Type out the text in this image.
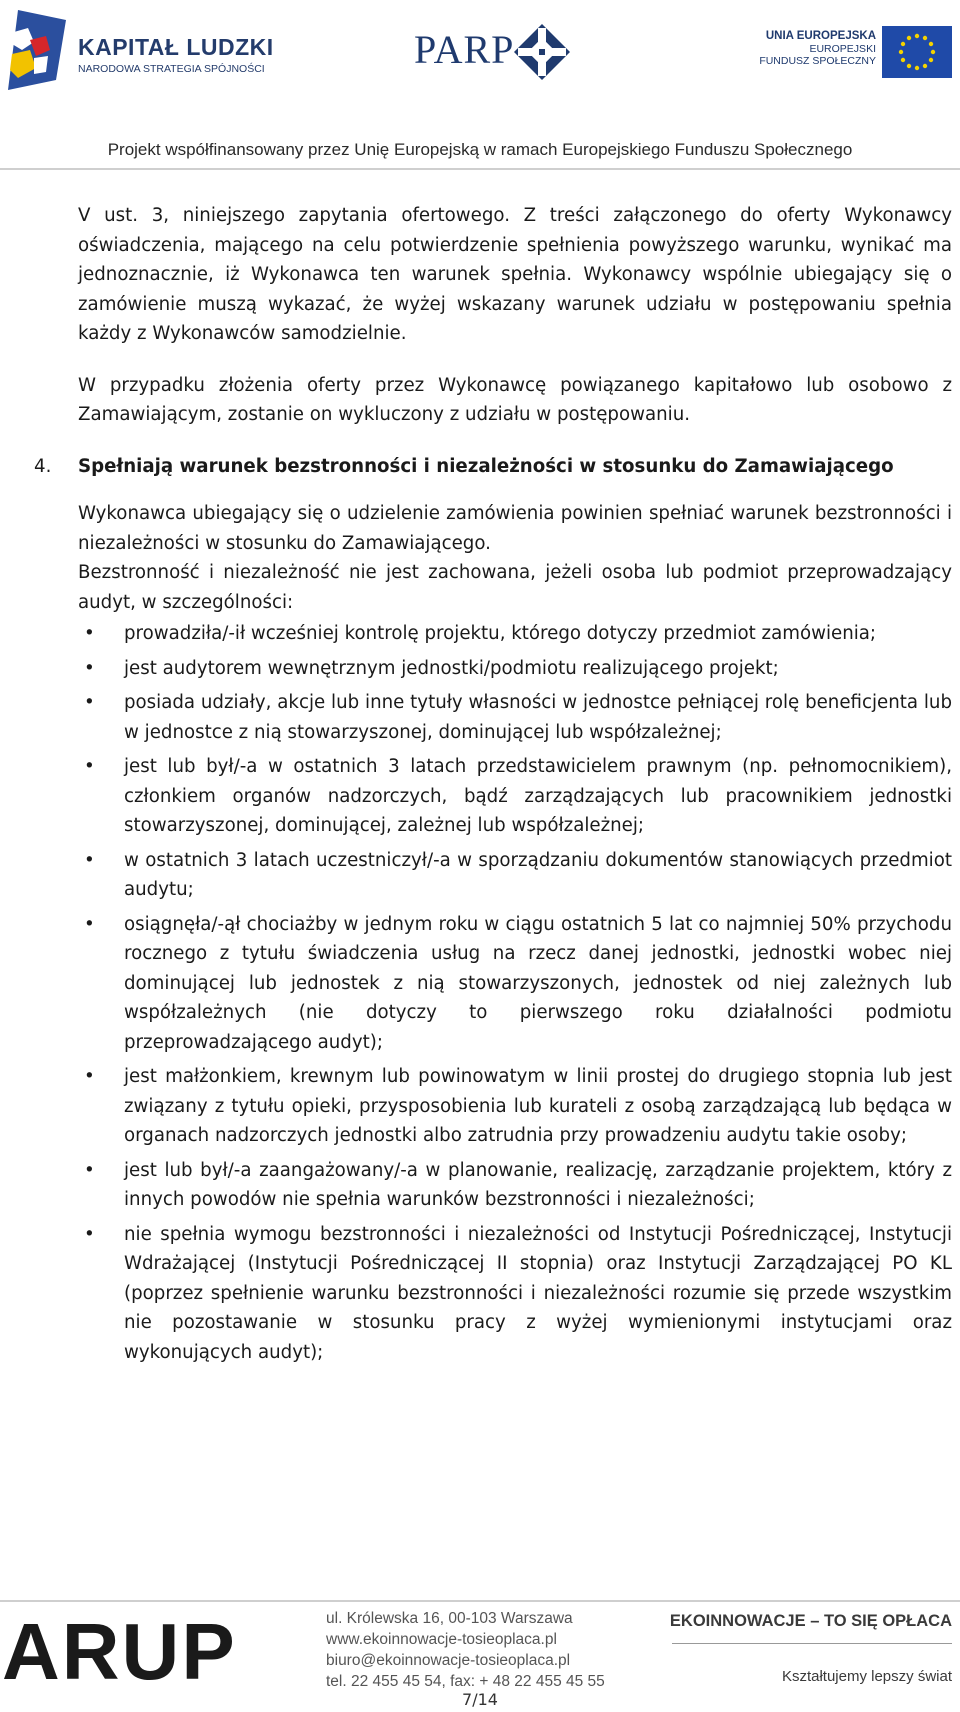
KAPITAŁ LUDZKI
NARODOWA STRATEGIA SPÓJNOŚCI	PARP	UNIA EUROPEJSKA
EUROPEJSKI
FUNDUSZ SPOŁECZNY
Projekt współfinansowany przez Unię Europejską w ramach Europejskiego Funduszu Społecznego

V ust. 3, niniejszego zapytania ofertowego. Z treści załączonego do oferty Wykonawcy oświadczenia, mającego na celu potwierdzenie spełnienia powyższego warunku, wynikać ma jednoznacznie, iż Wykonawca ten warunek spełnia. Wykonawcy wspólnie ubiegający się o zamówienie muszą wykazać, że wyżej wskazany warunek udziału w postępowaniu spełnia każdy z Wykonawców samodzielnie.

W przypadku złożenia oferty przez Wykonawcę powiązanego kapitałowo lub osobowo z Zamawiającym, zostanie on wykluczony z udziału w postępowaniu.

4. Spełniają warunek bezstronności i niezależności w stosunku do Zamawiającego

Wykonawca ubiegający się o udzielenie zamówienia powinien spełniać warunek bezstronności i niezależności w stosunku do Zamawiającego.

Bezstronność i niezależność nie jest zachowana, jeżeli osoba lub podmiot przeprowadzający audyt, w szczególności:

• prowadziła/-ił wcześniej kontrolę projektu, którego dotyczy przedmiot zamówienia;
• jest audytorem wewnętrznym jednostki/podmiotu realizującego projekt;
• posiada udziały, akcje lub inne tytuły własności w jednostce pełniącej rolę beneficjenta lub w jednostce z nią stowarzyszonej, dominującej lub współzależnej;
• jest lub był/-a w ostatnich 3 latach przedstawicielem prawnym (np. pełnomocnikiem), członkiem organów nadzorczych, bądź zarządzających lub pracownikiem jednostki stowarzyszonej, dominującej, zależnej lub współzależnej;
• w ostatnich 3 latach uczestniczył/-a w sporządzaniu dokumentów stanowiących przedmiot audytu;
• osiągnęła/-ął chociażby w jednym roku w ciągu ostatnich 5 lat co najmniej 50% przychodu rocznego z tytułu świadczenia usług na rzecz danej jednostki, jednostki wobec niej dominującej lub jednostek z nią stowarzyszonych, jednostek od niej zależnych lub współzależnych (nie dotyczy to pierwszego roku działalności podmiotu przeprowadzającego audyt);
• jest małżonkiem, krewnym lub powinowatym w linii prostej do drugiego stopnia lub jest związany z tytułu opieki, przysposobienia lub kurateli z osobą zarządzającą lub będąca w organach nadzorczych jednostki albo zatrudnia przy prowadzeniu audytu takie osoby;
• jest lub był/-a zaangażowany/-a w planowanie, realizację, zarządzanie projektem, który z innych powodów nie spełnia warunków bezstronności i niezależności;
• nie spełnia wymogu bezstronności i niezależności od Instytucji Pośredniczącej, Instytucji Wdrażającej (Instytucji Pośredniczącej II stopnia) oraz Instytucji Zarządzającej PO KL (poprzez spełnienie warunku bezstronności i niezależności rozumie się przede wszystkim nie pozostawanie w stosunku pracy z wyżej wymienionymi instytucjami oraz wykonujących audyt);
ARUP	ul. Królewska 16, 00-103 Warszawa
www.ekoinnowacje-tosieoplaca.pl
biuro@ekoinnowacje-tosieoplaca.pl
tel. 22 455 45 54, fax: + 48 22 455 45 55
EKOINNOWACJE – TO SIĘ OPŁACA
Kształtujemy lepszy świat
7/14
